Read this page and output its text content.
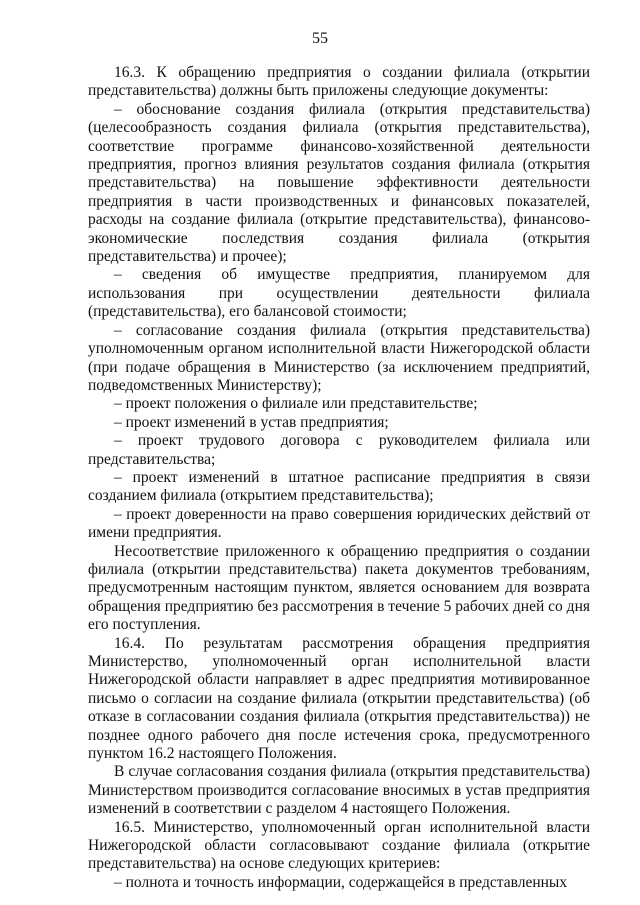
55

16.3. К обращению предприятия о создании филиала (открытии представительства) должны быть приложены следующие документы:

– обоснование создания филиала (открытия представительства) (целесообразность создания филиала (открытия представительства), соответствие программе финансово-хозяйственной деятельности предприятия, прогноз влияния результатов создания филиала (открытия представительства) на повышение эффективности деятельности предприятия в части производственных и финансовых показателей, расходы на создание филиала (открытие представительства), финансово-экономические последствия создания филиала (открытия представительства) и прочее);

– сведения об имуществе предприятия, планируемом для использования при осуществлении деятельности филиала (представительства), его балансовой стоимости;

– согласование создания филиала (открытия представительства) уполномоченным органом исполнительной власти Нижегородской области (при подаче обращения в Министерство (за исключением предприятий, подведомственных Министерству);

– проект положения о филиале или представительстве;

– проект изменений в устав предприятия;

– проект трудового договора с руководителем филиала или представительства;

– проект изменений в штатное расписание предприятия в связи созданием филиала (открытием представительства);

– проект доверенности на право совершения юридических действий от имени предприятия.

Несоответствие приложенного к обращению предприятия о создании филиала (открытии представительства) пакета документов требованиям, предусмотренным настоящим пунктом, является основанием для возврата обращения предприятию без рассмотрения в течение 5 рабочих дней со дня его поступления.

16.4. По результатам рассмотрения обращения предприятия Министерство, уполномоченный орган исполнительной власти Нижегородской области направляет в адрес предприятия мотивированное письмо о согласии на создание филиала (открытии представительства) (об отказе в согласовании создания филиала (открытия представительства)) не позднее одного рабочего дня после истечения срока, предусмотренного пунктом 16.2 настоящего Положения.

В случае согласования создания филиала (открытия представительства) Министерством производится согласование вносимых в устав предприятия изменений в соответствии с разделом 4 настоящего Положения.

16.5. Министерство, уполномоченный орган исполнительной власти Нижегородской области согласовывают создание филиала (открытие представительства) на основе следующих критериев:

– полнота и точность информации, содержащейся в представленных
